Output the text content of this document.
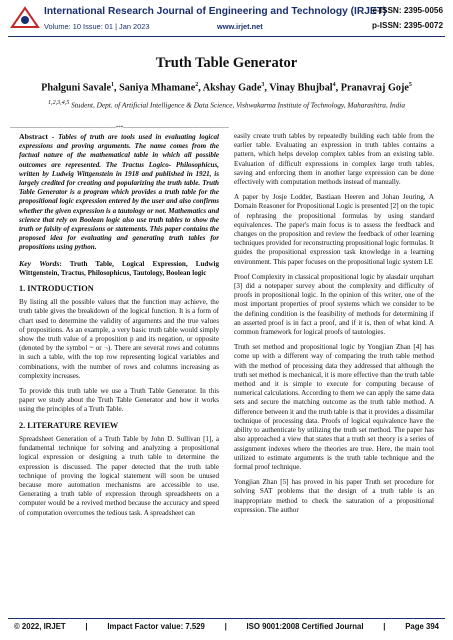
International Research Journal of Engineering and Technology (IRJET)
e-ISSN: 2395-0056
Volume: 10 Issue: 01 | Jan 2023	www.irjet.net	p-ISSN: 2395-0072
Truth Table Generator
Phalguni Savale$^1$, Saniya Mhamane$^2$, Akshay Gade$^3$, Vinay Bhujbal$^4$, Pranavraj Goje$^5$
$^{1,2,3,4,5}$ Student, Dept. of Artificial Intelligence & Data Science, Vishwakarma Institute of Technology, Maharashtra, India
---------------------------------------------------------------------***---------------------------------------------------------------------

Abstract - Tables of truth are tools used in evaluating logical expressions and proving arguments. The name comes from the factual nature of the mathematical table in which all possible outcomes are represented. The Tractus Logico- Philosophicus, written by Ludwig Wittgenstein in 1918 and published in 1921, is largely credited for creating and popularizing the truth table. Truth Table Generator is a program which provides a truth table for the propositional logic expression entered by the user and also confirms whether the given expression is a tautology or not. Mathematics and science that rely on Boolean logic also use truth tables to show the truth or falsity of expressions or statements. This paper contains the proposed idea for evaluating and generating truth tables for propositions using python.

Key Words: Truth Table, Logical Expression, Ludwig Wittgenstein, Tractus, Philosophicus, Tautology, Boolean logic

1. INTRODUCTION

By listing all the possible values that the function may achieve, the truth table gives the breakdown of the logical function. It is a form of chart used to determine the validity of arguments and the true values of propositions. As an example, a very basic truth table would simply show the truth value of a proposition p and its negation, or opposite (denoted by the symbol ~ or ¬). There are several rows and columns in such a table, with the top row representing logical variables and combinations, with the number of rows and columns increasing as complexity increases.

To provide this truth table we use a Truth Table Generator. In this paper we study about the Truth Table Generator and how it works using the principles of a Truth Table.

2. LITERATURE REVIEW

Spreadsheet Generation of a Truth Table by John D. Sullivan [1], a fundamental technique for solving and analyzing a propositional logical expression or designing a truth table to determine the expression is discussed. The paper detected that the truth table technique of proving the logical statement will soon be unused because more automation mechanisms are accessible to use. Generating a truth table of expression through spreadsheets on a computer would be a revived method because the accuracy and speed of computation overcomes the tedious task. A spreadsheet can

easily create truth tables by repeatedly building each table from the earlier table. Evaluating an expression in truth tables contains a pattern, which helps develop complex tables from an existing table. Evaluation of difficult expressions in complex large truth tables, saving and enforcing them in another large expression can be done effectively with computation methods instead of manually.

A paper by Josje Lodder, Bastiaan Heeren and Johan Jeuring, A Domain Reasoner for Propositional Logic is presented [2] on the topic of rephrasing the propositional formulas by using standard equivalences. The paper's main focus is to assess the feedback and changes on the proposition and review the feedback of other learning techniques provided for reconstructing propositional logic formulas. It guides the propositional expression task knowledge in a learning environment. This paper focuses on the propositional logic system LE

Proof Complexity in classical propositional logic by alasdair urquhart [3] did a notepaper survey about the complexity and difficulty of proofs in propositional logic. In the opinion of this writer, one of the most important properties of proof systems which we consider to be the defining condition is the feasibility of methods for determining if an asserted proof is in fact a proof, and if it is, then of what kind. A common framework for logical proofs of tautologies.

Truth set method and propositional logic by Yongjian Zhan [4] has come up with a different way of comparing the truth table method with the method of processing data they addressed that although the truth set method is mechanical, it is more effective than the truth table method and it is simple to execute for computing because of numerical calculations. According to them we can apply the same data sets and secure the matching outcome as the truth table method. A difference between it and the truth table is that it provides a dissimilar technique of processing data. Proofs of logical equivalence have the ability to authenticate by utilizing the truth set method. The paper has also approached a view that states that a truth set theory is a series of assignment indexes where the theories are true. Here, the main tool utilized to estimate arguments is the truth table technique and the formal proof technique.

Yongjian Zhan [5] has proved in his paper Truth set procedure for solving SAT problems that the design of a truth table is an inappropriate method to check the saturation of a propositional expression. The author

© 2022, IRJET	|	Impact Factor value: 7.529	|	ISO 9001:2008 Certified Journal	|	Page 394
